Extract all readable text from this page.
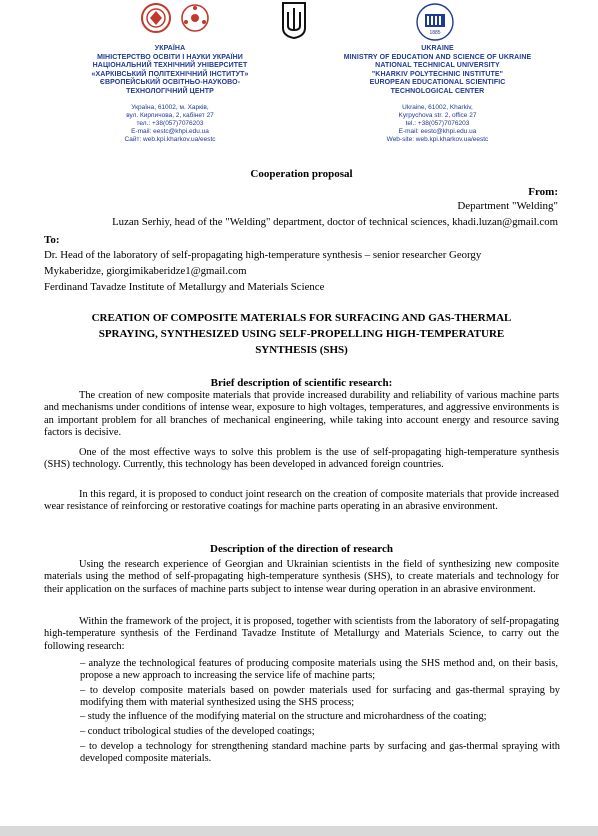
1885
УКРАЇНА
МІНІСТЕРСТВО ОСВІТИ І НАУКИ УКРАЇНИ
НАЦІОНАЛЬНИЙ ТЕХНІЧНИЙ УНІВЕРСИТЕТ
«ХАРКІВСЬКИЙ ПОЛІТЕХНІЧНИЙ ІНСТИТУТ»
ЄВРОПЕЙСЬКИЙ ОСВІТНЬО-НАУКОВО-
ТЕХНОЛОГІЧНИЙ ЦЕНТР
Україна, 61002, м. Харків,
вул. Кирпичова, 2, кабінет 27
тел.: +38(057)7076203
E-mail: eestc@khpi.edu.ua
Сайт: web.kpi.kharkov.ua/eestc
UKRAINE
MINISTRY OF EDUCATION AND SCIENCE OF UKRAINE
NATIONAL TECHNICAL UNIVERSITY
"KHARKIV POLYTECHNIC INSTITUTE"
EUROPEAN EDUCATIONAL SCIENTIFIC
TECHNOLOGICAL CENTER
Ukraine, 61002, Kharkiv,
Kyrpychova str. 2, office 27
tel.: +38(057)7076203
E-mail: eestc@khpi.edu.ua
Web-site: web.kpi.kharkov.ua/eestc
Cooperation proposal
From:
Department "Welding"
Luzan Serhiy, head of the "Welding" department, doctor of technical sciences, khadi.luzan@gmail.com
To:
Dr. Head of the laboratory of self-propagating high-temperature synthesis – senior researcher Georgy
Mykaberidze, giorgimikaberidze1@gmail.com
Ferdinand Tavadze Institute of Metallurgy and Materials Science
CREATION OF COMPOSITE MATERIALS FOR SURFACING AND GAS-THERMAL
SPRAYING, SYNTHESIZED USING SELF-PROPELLING HIGH-TEMPERATURE
SYNTHESIS (SHS)
Brief description of scientific research:
The creation of new composite materials that provide increased durability and reliability of various machine parts and mechanisms under conditions of intense wear, exposure to high voltages, temperatures, and aggressive environments is an important problem for all branches of mechanical engineering, while taking into account energy and resource saving factors is decisive.
One of the most effective ways to solve this problem is the use of self-propagating high-temperature synthesis (SHS) technology. Currently, this technology has been developed in advanced foreign countries.
In this regard, it is proposed to conduct joint research on the creation of composite materials that provide increased wear resistance of reinforcing or restorative coatings for machine parts operating in an abrasive environment.
Description of the direction of research
Using the research experience of Georgian and Ukrainian scientists in the field of synthesizing new composite materials using the method of self-propagating high-temperature synthesis (SHS), to create materials and technology for their application on the surfaces of machine parts subject to intense wear during operation in an abrasive environment.
Within the framework of the project, it is proposed, together with scientists from the laboratory of self-propagating high-temperature synthesis of the Ferdinand Tavadze Institute of Metallurgy and Materials Science, to carry out the following research:
– analyze the technological features of producing composite materials using the SHS method and, on their basis, propose a new approach to increasing the service life of machine parts;
– to develop composite materials based on powder materials used for surfacing and gas-thermal spraying by modifying them with material synthesized using the SHS process;
– study the influence of the modifying material on the structure and microhardness of the coating;
– conduct tribological studies of the developed coatings;
– to develop a technology for strengthening standard machine parts by surfacing and gas-thermal spraying with developed composite materials.
